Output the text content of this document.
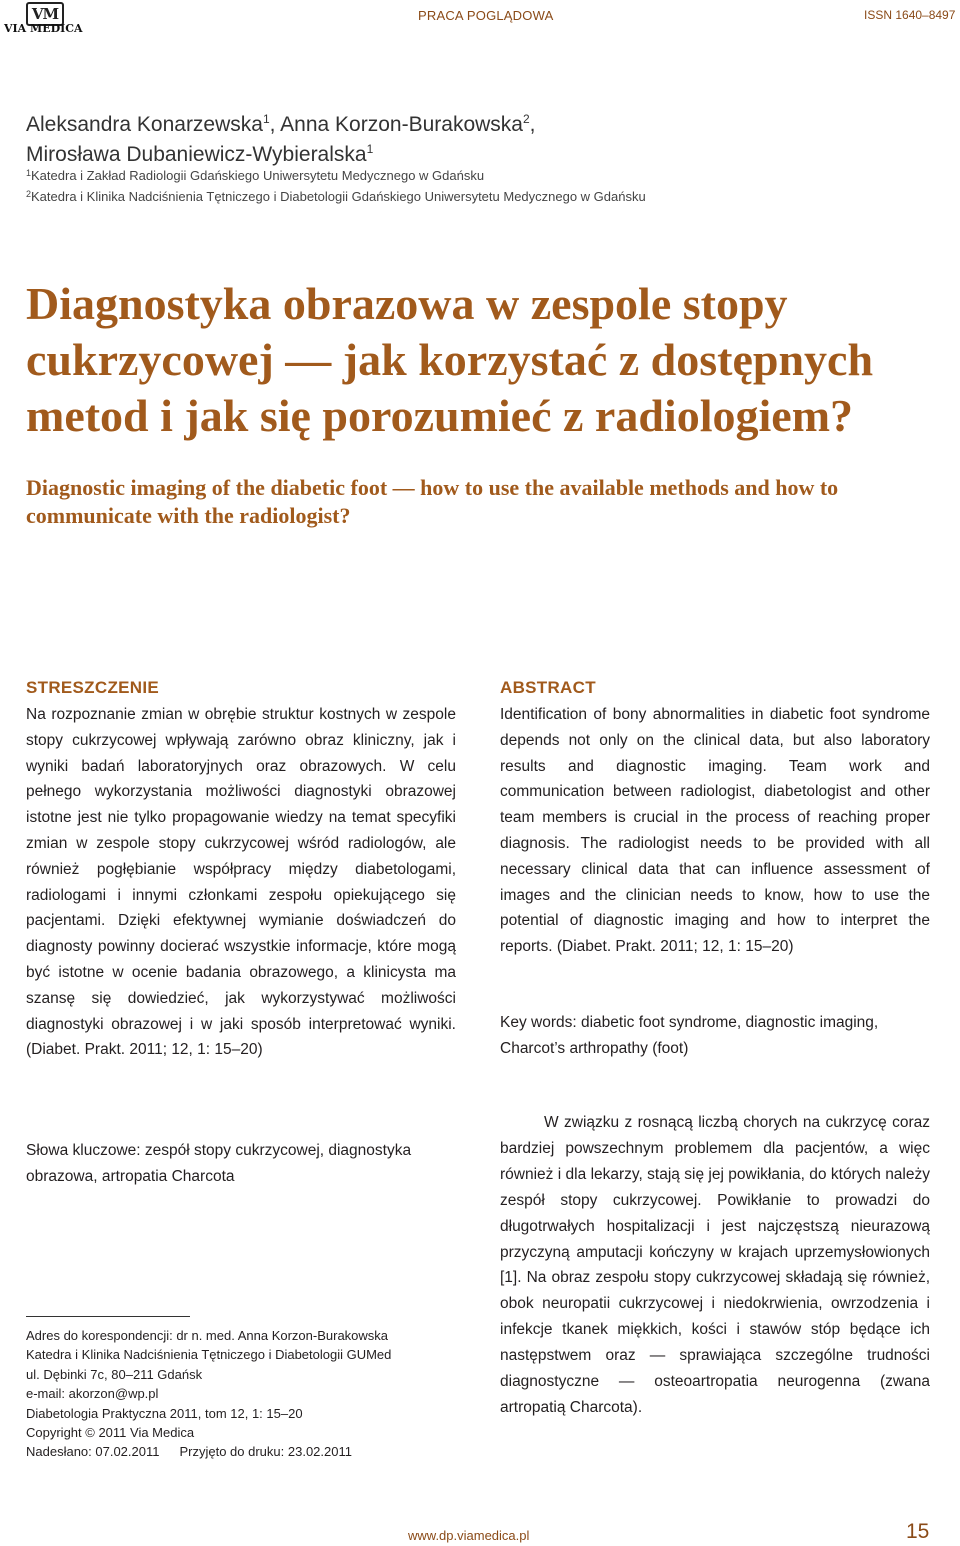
VM
VIA MEDICA
PRACA POGLĄDOWA	ISSN 1640–8497
Aleksandra Konarzewska$^1$, Anna Korzon-Burakowska$^2$,
Mirosława Dubaniewicz-Wybieralska$^1$
$^1$Katedra i Zakład Radiologii Gdańskiego Uniwersytetu Medycznego w Gdańsku
$^2$Katedra i Klinika Nadciśnienia Tętniczego i Diabetologii Gdańskiego Uniwersytetu Medycznego w Gdańsku
Diagnostyka obrazowa w zespole stopy cukrzycowej — jak korzystać z dostępnych metod i jak się porozumieć z radiologiem?
Diagnostic imaging of the diabetic foot — how to use the available methods and how to communicate with the radiologist?
STRESZCZENIE

Na rozpoznanie zmian w obrębie struktur kostnych w zespole stopy cukrzycowej wpływają zarówno obraz kliniczny, jak i wyniki badań laboratoryjnych oraz obrazowych. W celu pełnego wykorzystania możliwości diagnostyki obrazowej istotne jest nie tylko propagowanie wiedzy na temat specyfiki zmian w zespole stopy cukrzycowej wśród radiologów, ale również pogłębianie współpracy między diabetologami, radiologami i innymi członkami zespołu opiekującego się pacjentami. Dzięki efektywnej wymianie doświadczeń do diagnosty powinny docierać wszystkie informacje, które mogą być istotne w ocenie badania obrazowego, a klinicysta ma szansę się dowiedzieć, jak wykorzystywać możliwości diagnostyki obrazowej i w jaki sposób interpretować wyniki. (Diabet. Prakt. 2011; 12, 1: 15–20)

Słowa kluczowe: zespół stopy cukrzycowej, diagnostyka obrazowa, artropatia Charcota
ABSTRACT

Identification of bony abnormalities in diabetic foot syndrome depends not only on the clinical data, but also laboratory results and diagnostic imaging. Team work and communication between radiologist, diabetologist and other team members is crucial in the process of reaching proper diagnosis. The radiologist needs to be provided with all necessary clinical data that can influence assessment of images and the clinician needs to know, how to use the potential of diagnostic imaging and how to interpret the reports. (Diabet. Prakt. 2011; 12, 1: 15–20)

Key words: diabetic foot syndrome, diagnostic imaging, Charcot’s arthropathy (foot)

W związku z rosnącą liczbą chorych na cukrzycę coraz bardziej powszechnym problemem dla pacjentów, a więc również i dla lekarzy, stają się jej powikłania, do których należy zespół stopy cukrzycowej. Powikłanie to prowadzi do długotrwałych hospitalizacji i jest najczęstszą nieurazową przyczyną amputacji kończyny w krajach uprzemysłowionych [1]. Na obraz zespołu stopy cukrzycowej składają się również, obok neuropatii cukrzycowej i niedokrwienia, owrzodzenia i infekcje tkanek miękkich, kości i stawów stóp będące ich następstwem oraz — sprawiająca szczególne trudności diagnostyczne — osteoartropatia neurogenna (zwana artropatią Charcota).

Adres do korespondencji: dr n. med. Anna Korzon-Burakowska
Katedra i Klinika Nadciśnienia Tętniczego i Diabetologii GUMed
ul. Dębinki 7c, 80–211 Gdańsk
e-mail: akorzon@wp.pl
Diabetologia Praktyczna 2011, tom 12, 1: 15–20
Copyright © 2011 Via Medica
Nadesłano: 07.02.2011 Przyjęto do druku: 23.02.2011
www.dp.viamedica.pl	15
